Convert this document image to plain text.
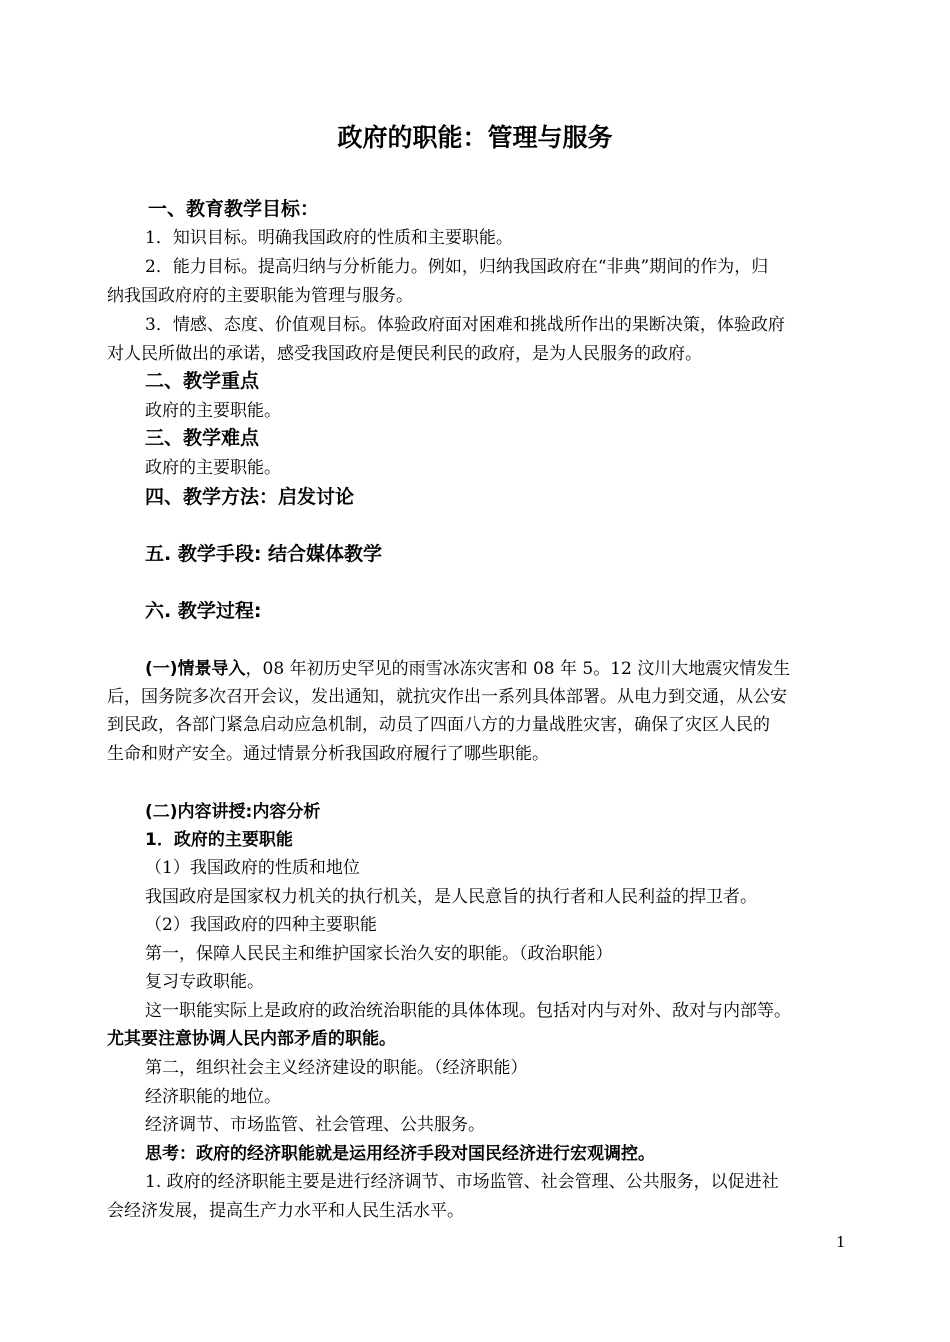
政府的职能：管理与服务
一、教育教学目标：
1．知识目标。明确我国政府的性质和主要职能。
2．能力目标。提高归纳与分析能力。例如，归纳我国政府在“非典”期间的作为，归
纳我国政府府的主要职能为管理与服务。
3．情感、态度、价值观目标。体验政府面对困难和挑战所作出的果断决策，体验政府
对人民所做出的承诺，感受我国政府是便民利民的政府，是为人民服务的政府。
二、教学重点
政府的主要职能。
三、教学难点
政府的主要职能。
四、教学方法：启发讨论
五. 教学手段: 结合媒体教学
六. 教学过程:
(一)情景导入，08 年初历史罕见的雨雪冰冻灾害和 08 年 5。12 汶川大地震灾情发生
后，国务院多次召开会议，发出通知，就抗灾作出一系列具体部署。从电力到交通，从公安
到民政，各部门紧急启动应急机制，动员了四面八方的力量战胜灾害，确保了灾区人民的
生命和财产安全。通过情景分析我国政府履行了哪些职能。
(二)内容讲授:内容分析
1．政府的主要职能
（1）我国政府的性质和地位
我国政府是国家权力机关的执行机关，是人民意旨的执行者和人民利益的捍卫者。
（2）我国政府的四种主要职能
第一，保障人民民主和维护国家长治久安的职能。（政治职能）
复习专政职能。
这一职能实际上是政府的政治统治职能的具体体现。包括对内与对外、敌对与内部等。
尤其要注意协调人民内部矛盾的职能。
第二，组织社会主义经济建设的职能。（经济职能）
经济职能的地位。
经济调节、市场监管、社会管理、公共服务。
思考：政府的经济职能就是运用经济手段对国民经济进行宏观调控。
1. 政府的经济职能主要是进行经济调节、市场监管、社会管理、公共服务，以促进社
会经济发展，提高生产力水平和人民生活水平。
1
